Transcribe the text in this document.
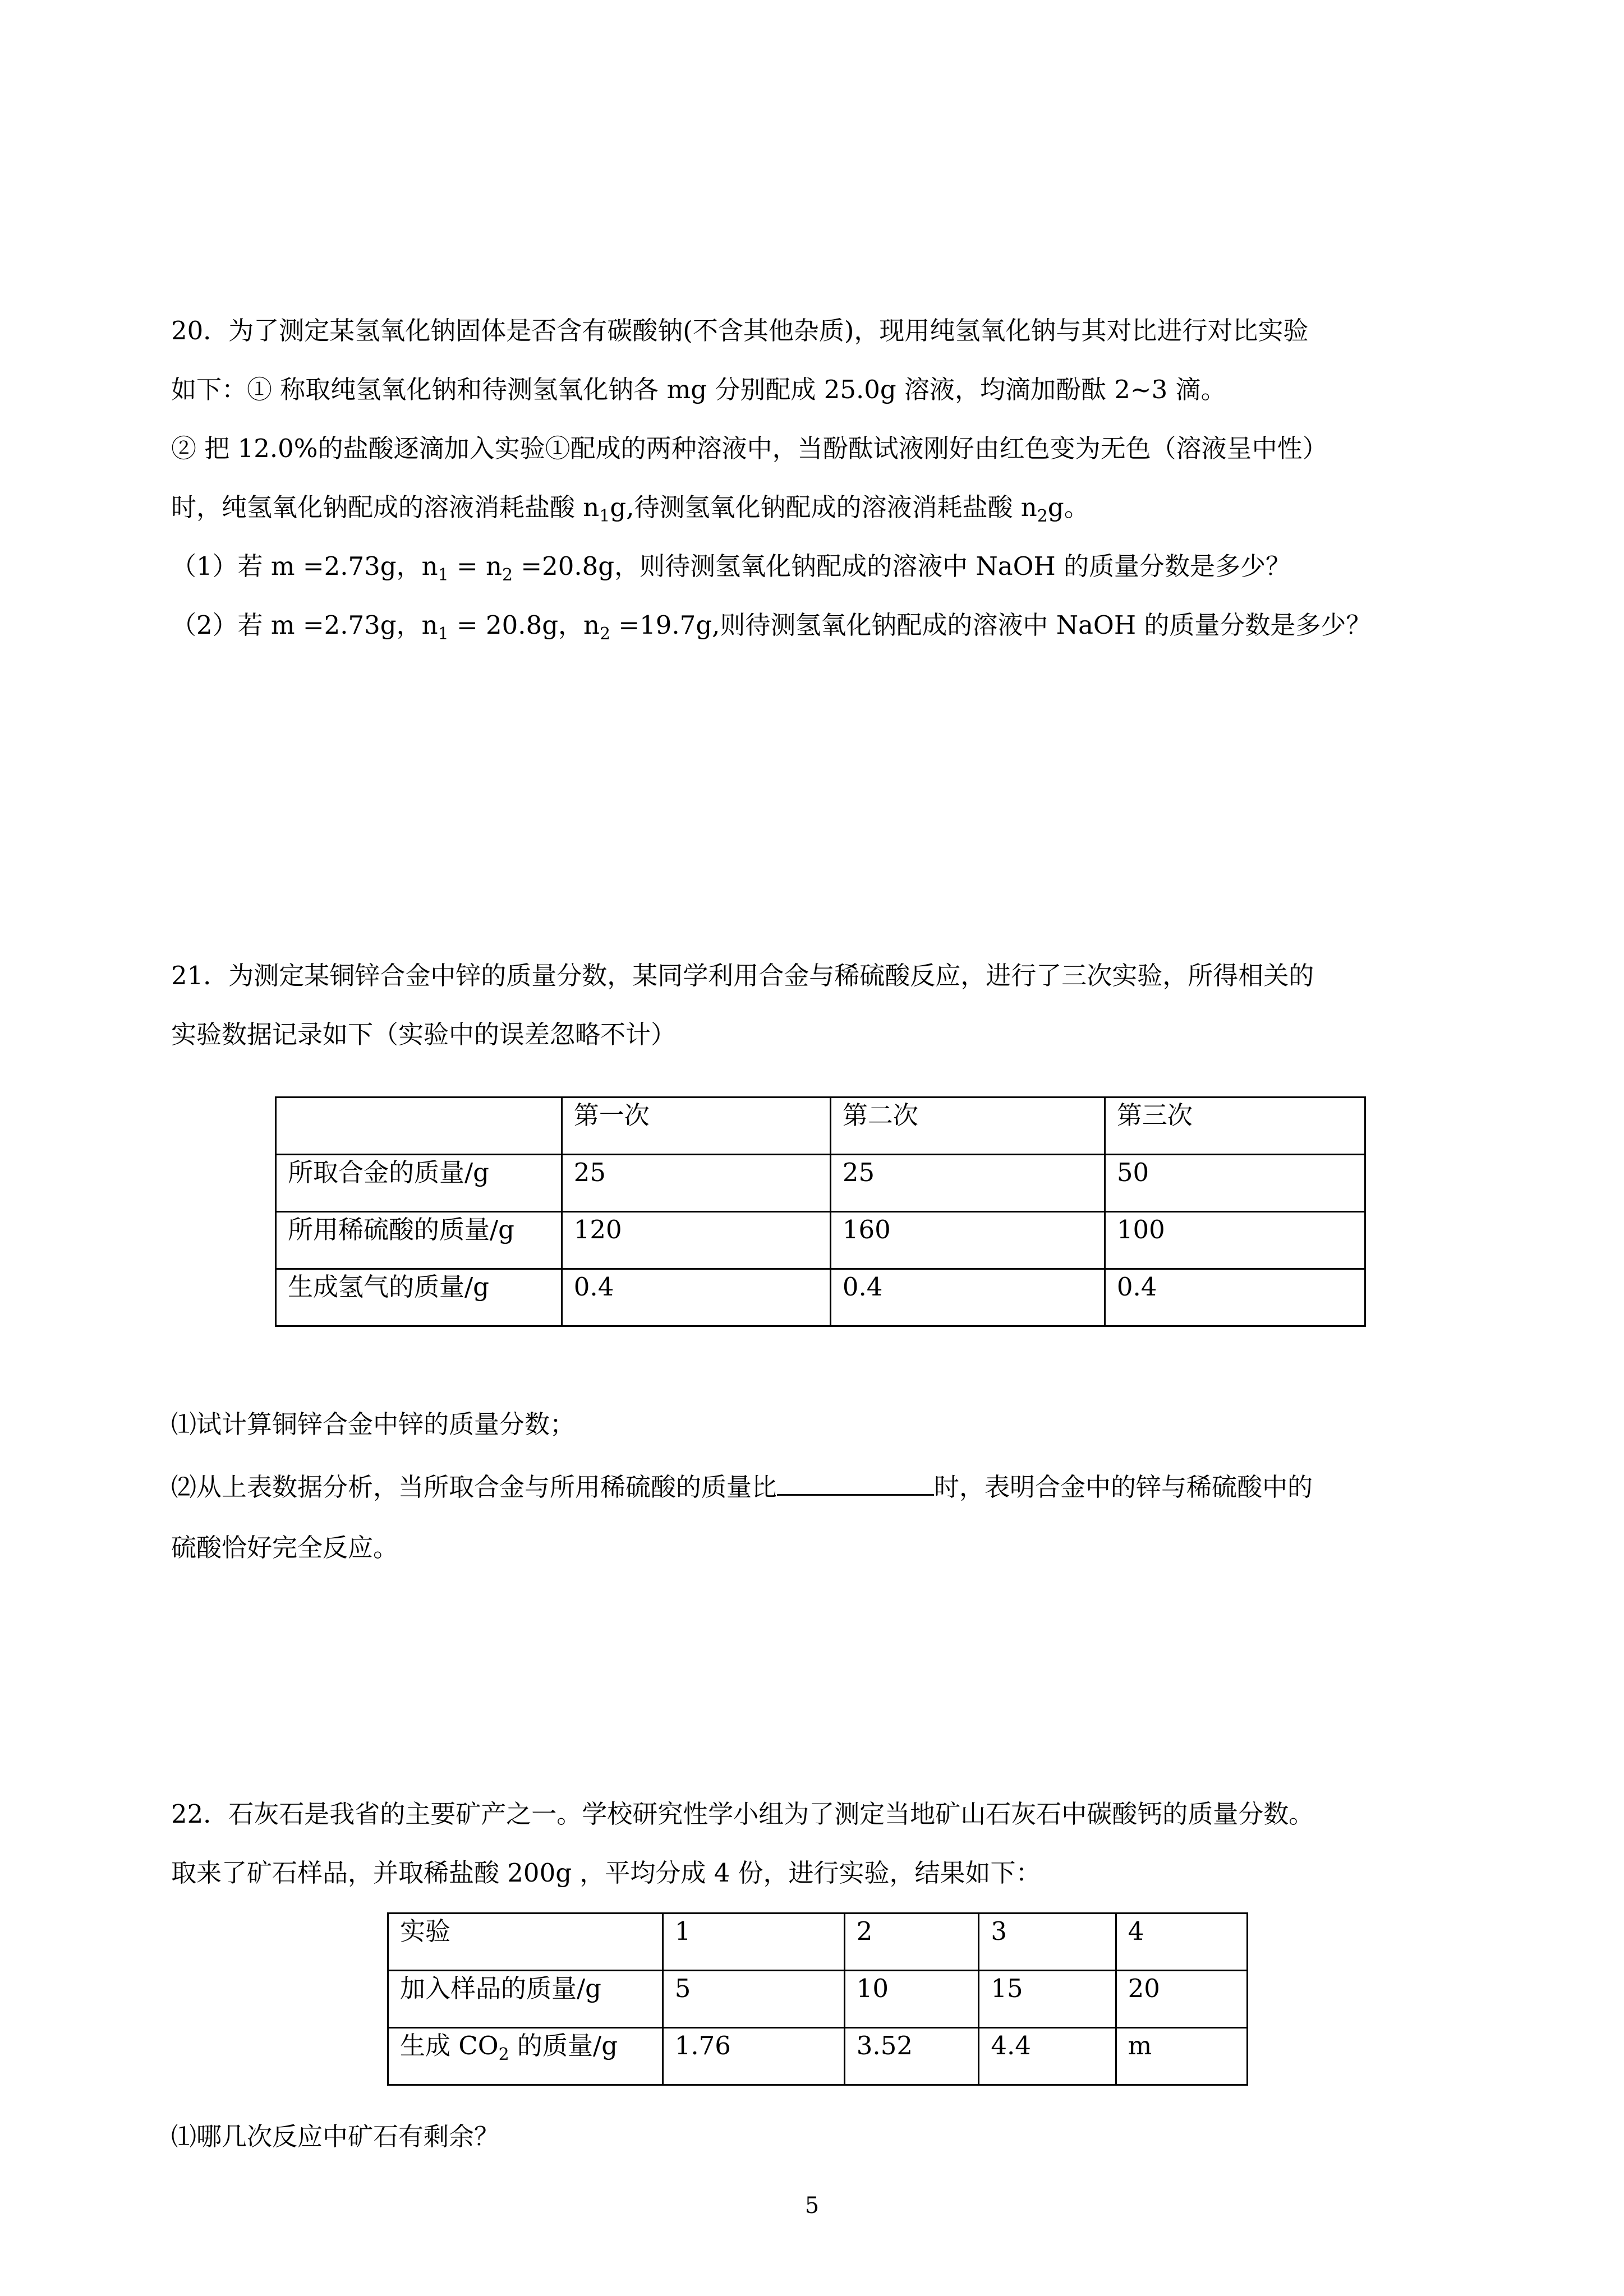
20．为了测定某氢氧化钠固体是否含有碳酸钠(不含其他杂质)，现用纯氢氧化钠与其对比进行对比实验
如下：① 称取纯氢氧化钠和待测氢氧化钠各 mg 分别配成 25.0g 溶液，均滴加酚酞 2~3 滴。
② 把 12.0%的盐酸逐滴加入实验①配成的两种溶液中，当酚酞试液刚好由红色变为无色（溶液呈中性）
时，纯氢氧化钠配成的溶液消耗盐酸 $n_1g$,待测氢氧化钠配成的溶液消耗盐酸 $n_2g$。
（1）若 m =2.73g，$n_1 = n_2 =20.8g$，则待测氢氧化钠配成的溶液中 NaOH 的质量分数是多少？
（2）若 m =2.73g，$n_1 = 20.8g$，$n_2 =19.7g$,则待测氢氧化钠配成的溶液中 NaOH 的质量分数是多少？
21．为测定某铜锌合金中锌的质量分数，某同学利用合金与稀硫酸反应，进行了三次实验，所得相关的
实验数据记录如下（实验中的误差忽略不计）
	第一次	第二次	第三次
所取合金的质量/g	25	25	50
所用稀硫酸的质量/g	120	160	100
生成氢气的质量/g	0.4	0.4	0.4
⑴试计算铜锌合金中锌的质量分数；
⑵从上表数据分析，当所取合金与所用稀硫酸的质量比	时，表明合金中的锌与稀硫酸中的
硫酸恰好完全反应。
22．石灰石是我省的主要矿产之一。学校研究性学小组为了测定当地矿山石灰石中碳酸钙的质量分数。
取来了矿石样品，并取稀盐酸 200g ，平均分成 4 份，进行实验，结果如下：
实验	1	2	3	4
加入样品的质量/g	5	10	15	20
生成 $CO_2$ 的质量/g	1.76	3.52	4.4	m
⑴哪几次反应中矿石有剩余？
5
